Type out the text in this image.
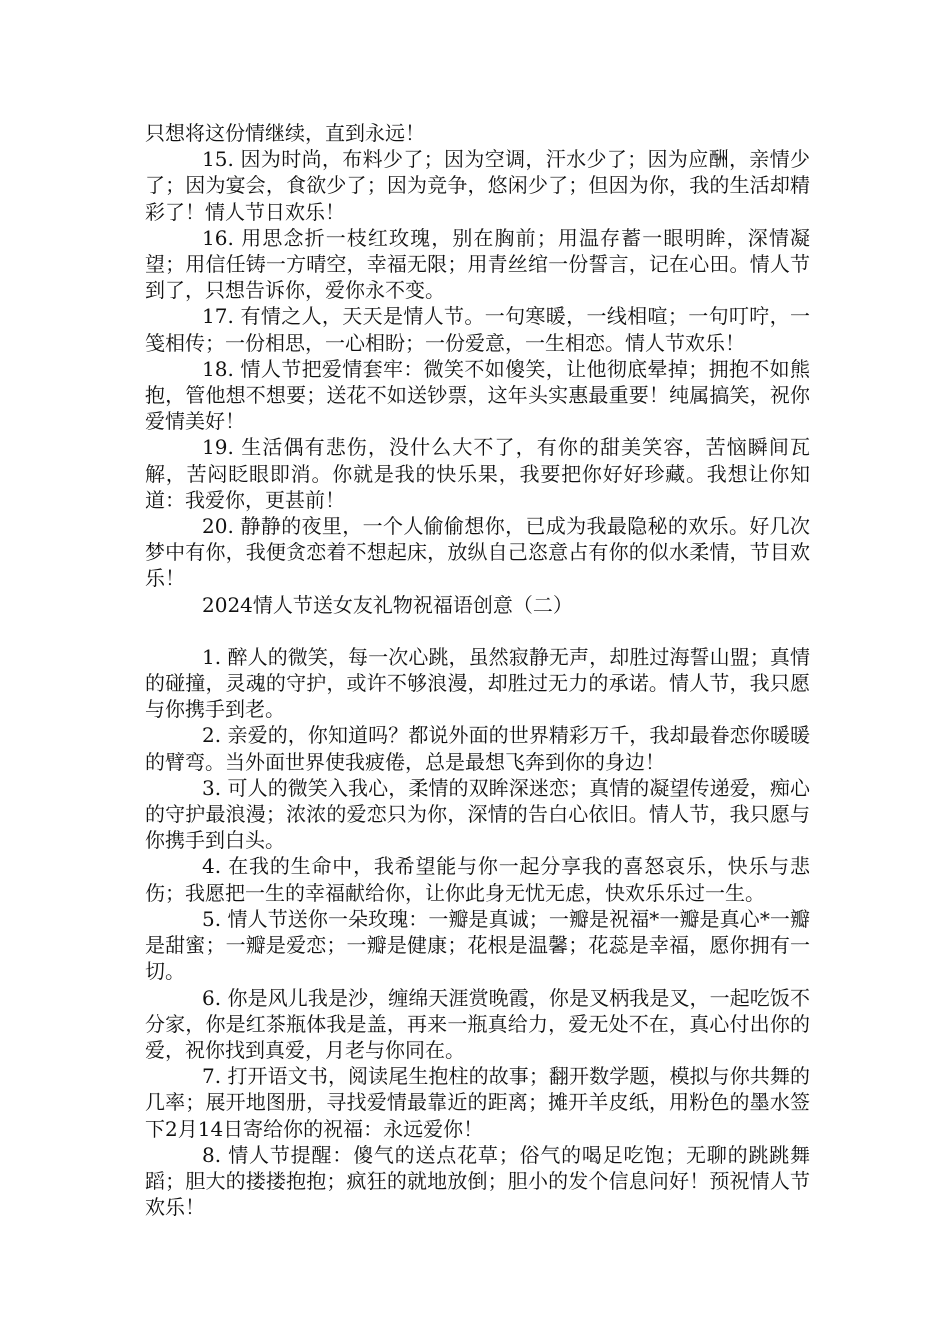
只想将这份情继续，直到永远！

15. 因为时尚，布料少了；因为空调，汗水少了；因为应酬，亲情少了；因为宴会，食欲少了；因为竞争，悠闲少了；但因为你，我的生活却精彩了！情人节日欢乐！

16. 用思念折一枝红玫瑰，别在胸前；用温存蓄一眼明眸，深情凝望；用信任铸一方晴空，幸福无限；用青丝绾一份誓言，记在心田。情人节到了，只想告诉你，爱你永不变。

17. 有情之人，天天是情人节。一句寒暖，一线相喧；一句叮咛，一笺相传；一份相思，一心相盼；一份爱意，一生相恋。情人节欢乐！

18. 情人节把爱情套牢：微笑不如傻笑，让他彻底晕掉；拥抱不如熊抱，管他想不想要；送花不如送钞票，这年头实惠最重要！纯属搞笑，祝你爱情美好！

19. 生活偶有悲伤，没什么大不了，有你的甜美笑容，苦恼瞬间瓦解，苦闷眨眼即消。你就是我的快乐果，我要把你好好珍藏。我想让你知道：我爱你，更甚前！

20. 静静的夜里，一个人偷偷想你，已成为我最隐秘的欢乐。好几次梦中有你，我便贪恋着不想起床，放纵自己恣意占有你的似水柔情，节目欢乐！

2024情人节送女友礼物祝福语创意（二）

1. 醉人的微笑，每一次心跳，虽然寂静无声，却胜过海誓山盟；真情的碰撞，灵魂的守护，或许不够浪漫，却胜过无力的承诺。情人节，我只愿与你携手到老。

2. 亲爱的，你知道吗？都说外面的世界精彩万千，我却最眷恋你暖暖的臂弯。当外面世界使我疲倦，总是最想飞奔到你的身边！

3. 可人的微笑入我心，柔情的双眸深迷恋；真情的凝望传递爱，痴心的守护最浪漫；浓浓的爱恋只为你，深情的告白心依旧。情人节，我只愿与你携手到白头。

4. 在我的生命中，我希望能与你一起分享我的喜怒哀乐，快乐与悲伤；我愿把一生的幸福献给你，让你此身无忧无虑，快欢乐乐过一生。

5. 情人节送你一朵玫瑰：一瓣是真诚；一瓣是祝福*一瓣是真心*一瓣是甜蜜；一瓣是爱恋；一瓣是健康；花根是温馨；花蕊是幸福，愿你拥有一切。

6. 你是风儿我是沙，缠绵天涯赏晚霞，你是叉柄我是叉，一起吃饭不分家，你是红茶瓶体我是盖，再来一瓶真给力，爱无处不在，真心付出你的爱，祝你找到真爱，月老与你同在。

7. 打开语文书，阅读尾生抱柱的故事；翻开数学题，模拟与你共舞的几率；展开地图册，寻找爱情最靠近的距离；摊开羊皮纸，用粉色的墨水签下2月14日寄给你的祝福：永远爱你！

8. 情人节提醒：傻气的送点花草；俗气的喝足吃饱；无聊的跳跳舞蹈；胆大的搂搂抱抱；疯狂的就地放倒；胆小的发个信息问好！预祝情人节欢乐！
